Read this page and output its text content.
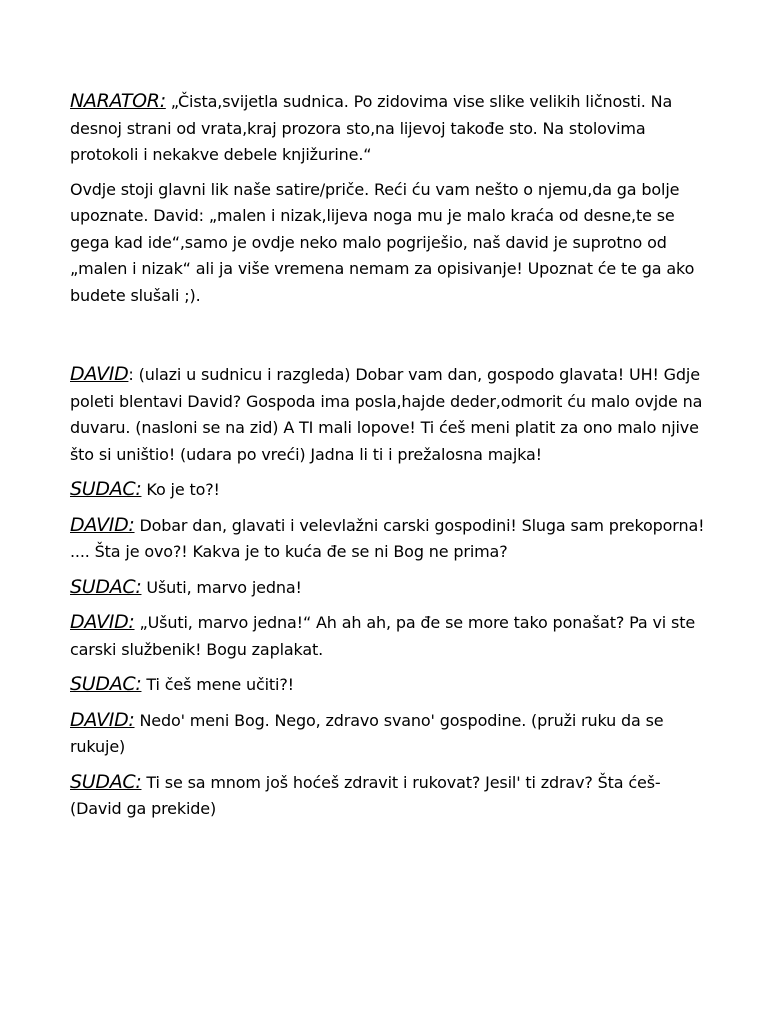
NARATOR: „Čista,svijetla sudnica. Po zidovima vise slike velikih ličnosti. Na desnoj strani od vrata,kraj prozora sto,na lijevoj takođe sto. Na stolovima protokoli i nekakve debele knjižurine.“

Ovdje stoji glavni lik naše satire/priče. Reći ću vam nešto o njemu,da ga bolje upoznate. David: „malen i nizak,lijeva noga mu je malo kraća od desne,te se gega kad ide“,samo je ovdje neko malo pogriješio, naš david je suprotno od „malen i nizak“ ali ja više vremena nemam za opisivanje! Upoznat će te ga ako budete slušali ;).

DAVID: (ulazi u sudnicu i razgleda) Dobar vam dan, gospodo glavata! UH! Gdje poleti blentavi David? Gospoda ima posla,hajde deder,odmorit ću malo ovjde na duvaru. (nasloni se na zid) A TI mali lopove! Ti ćeš meni platit za ono malo njive što si uništio! (udara po vreći) Jadna li ti i prežalosna majka!

SUDAC: Ko je to?!

DAVID: Dobar dan, glavati i velevlažni carski gospodini! Sluga sam prekoporna! .... Šta je ovo?! Kakva je to kuća đe se ni Bog ne prima?

SUDAC: Ušuti, marvo jedna!

DAVID: „Ušuti, marvo jedna!“ Ah ah ah, pa đe se more tako ponašat? Pa vi ste carski službenik! Bogu zaplakat.

SUDAC: Ti češ mene učiti?!

DAVID: Nedo' meni Bog. Nego, zdravo svano' gospodine. (pruži ruku da se rukuje)

SUDAC: Ti se sa mnom još hoćeš zdravit i rukovat? Jesil' ti zdrav? Šta ćeš-(David ga prekide)
